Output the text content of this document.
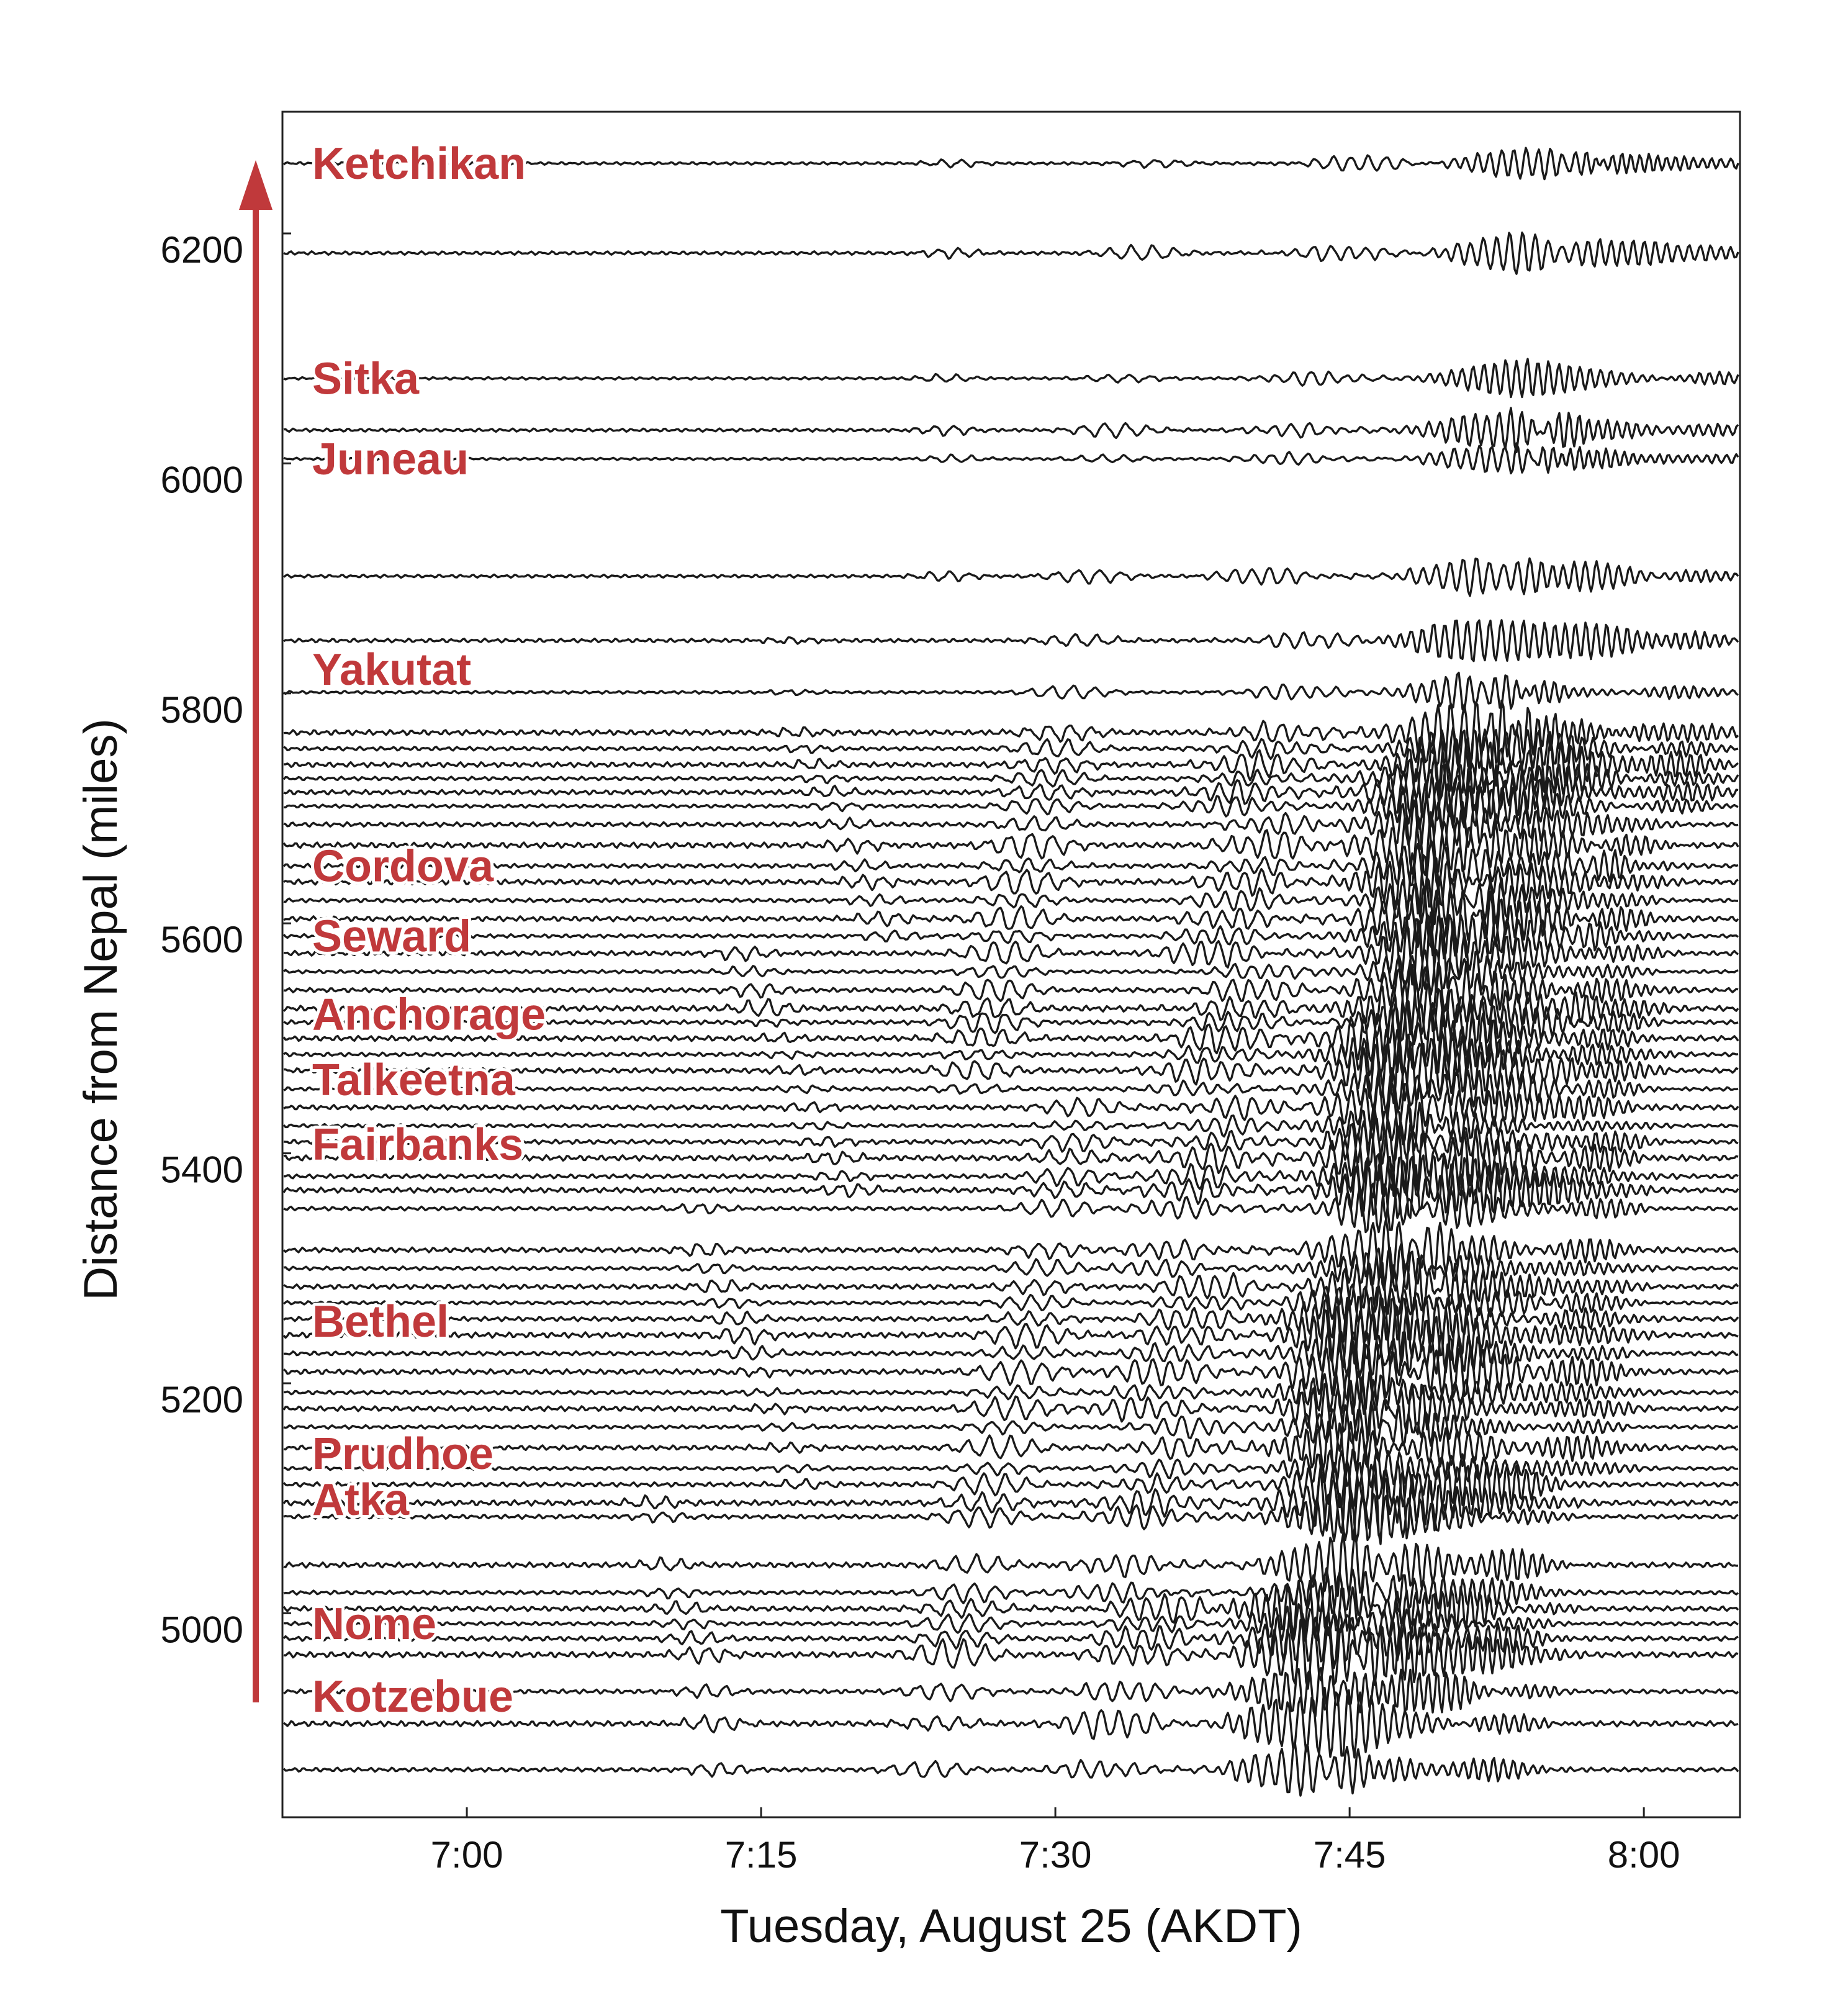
5000
5200
5400
5600
5800
6000
6200
7:00	7:15	7:30	7:45	8:00
Ketchikan
Sitka
Juneau
Yakutat
Cordova
Seward
Anchorage
Talkeetna
Fairbanks
Bethel
Prudhoe
Atka
Nome
Kotzebue
Tuesday, August 25 (AKDT)
Distance from Nepal (miles)
